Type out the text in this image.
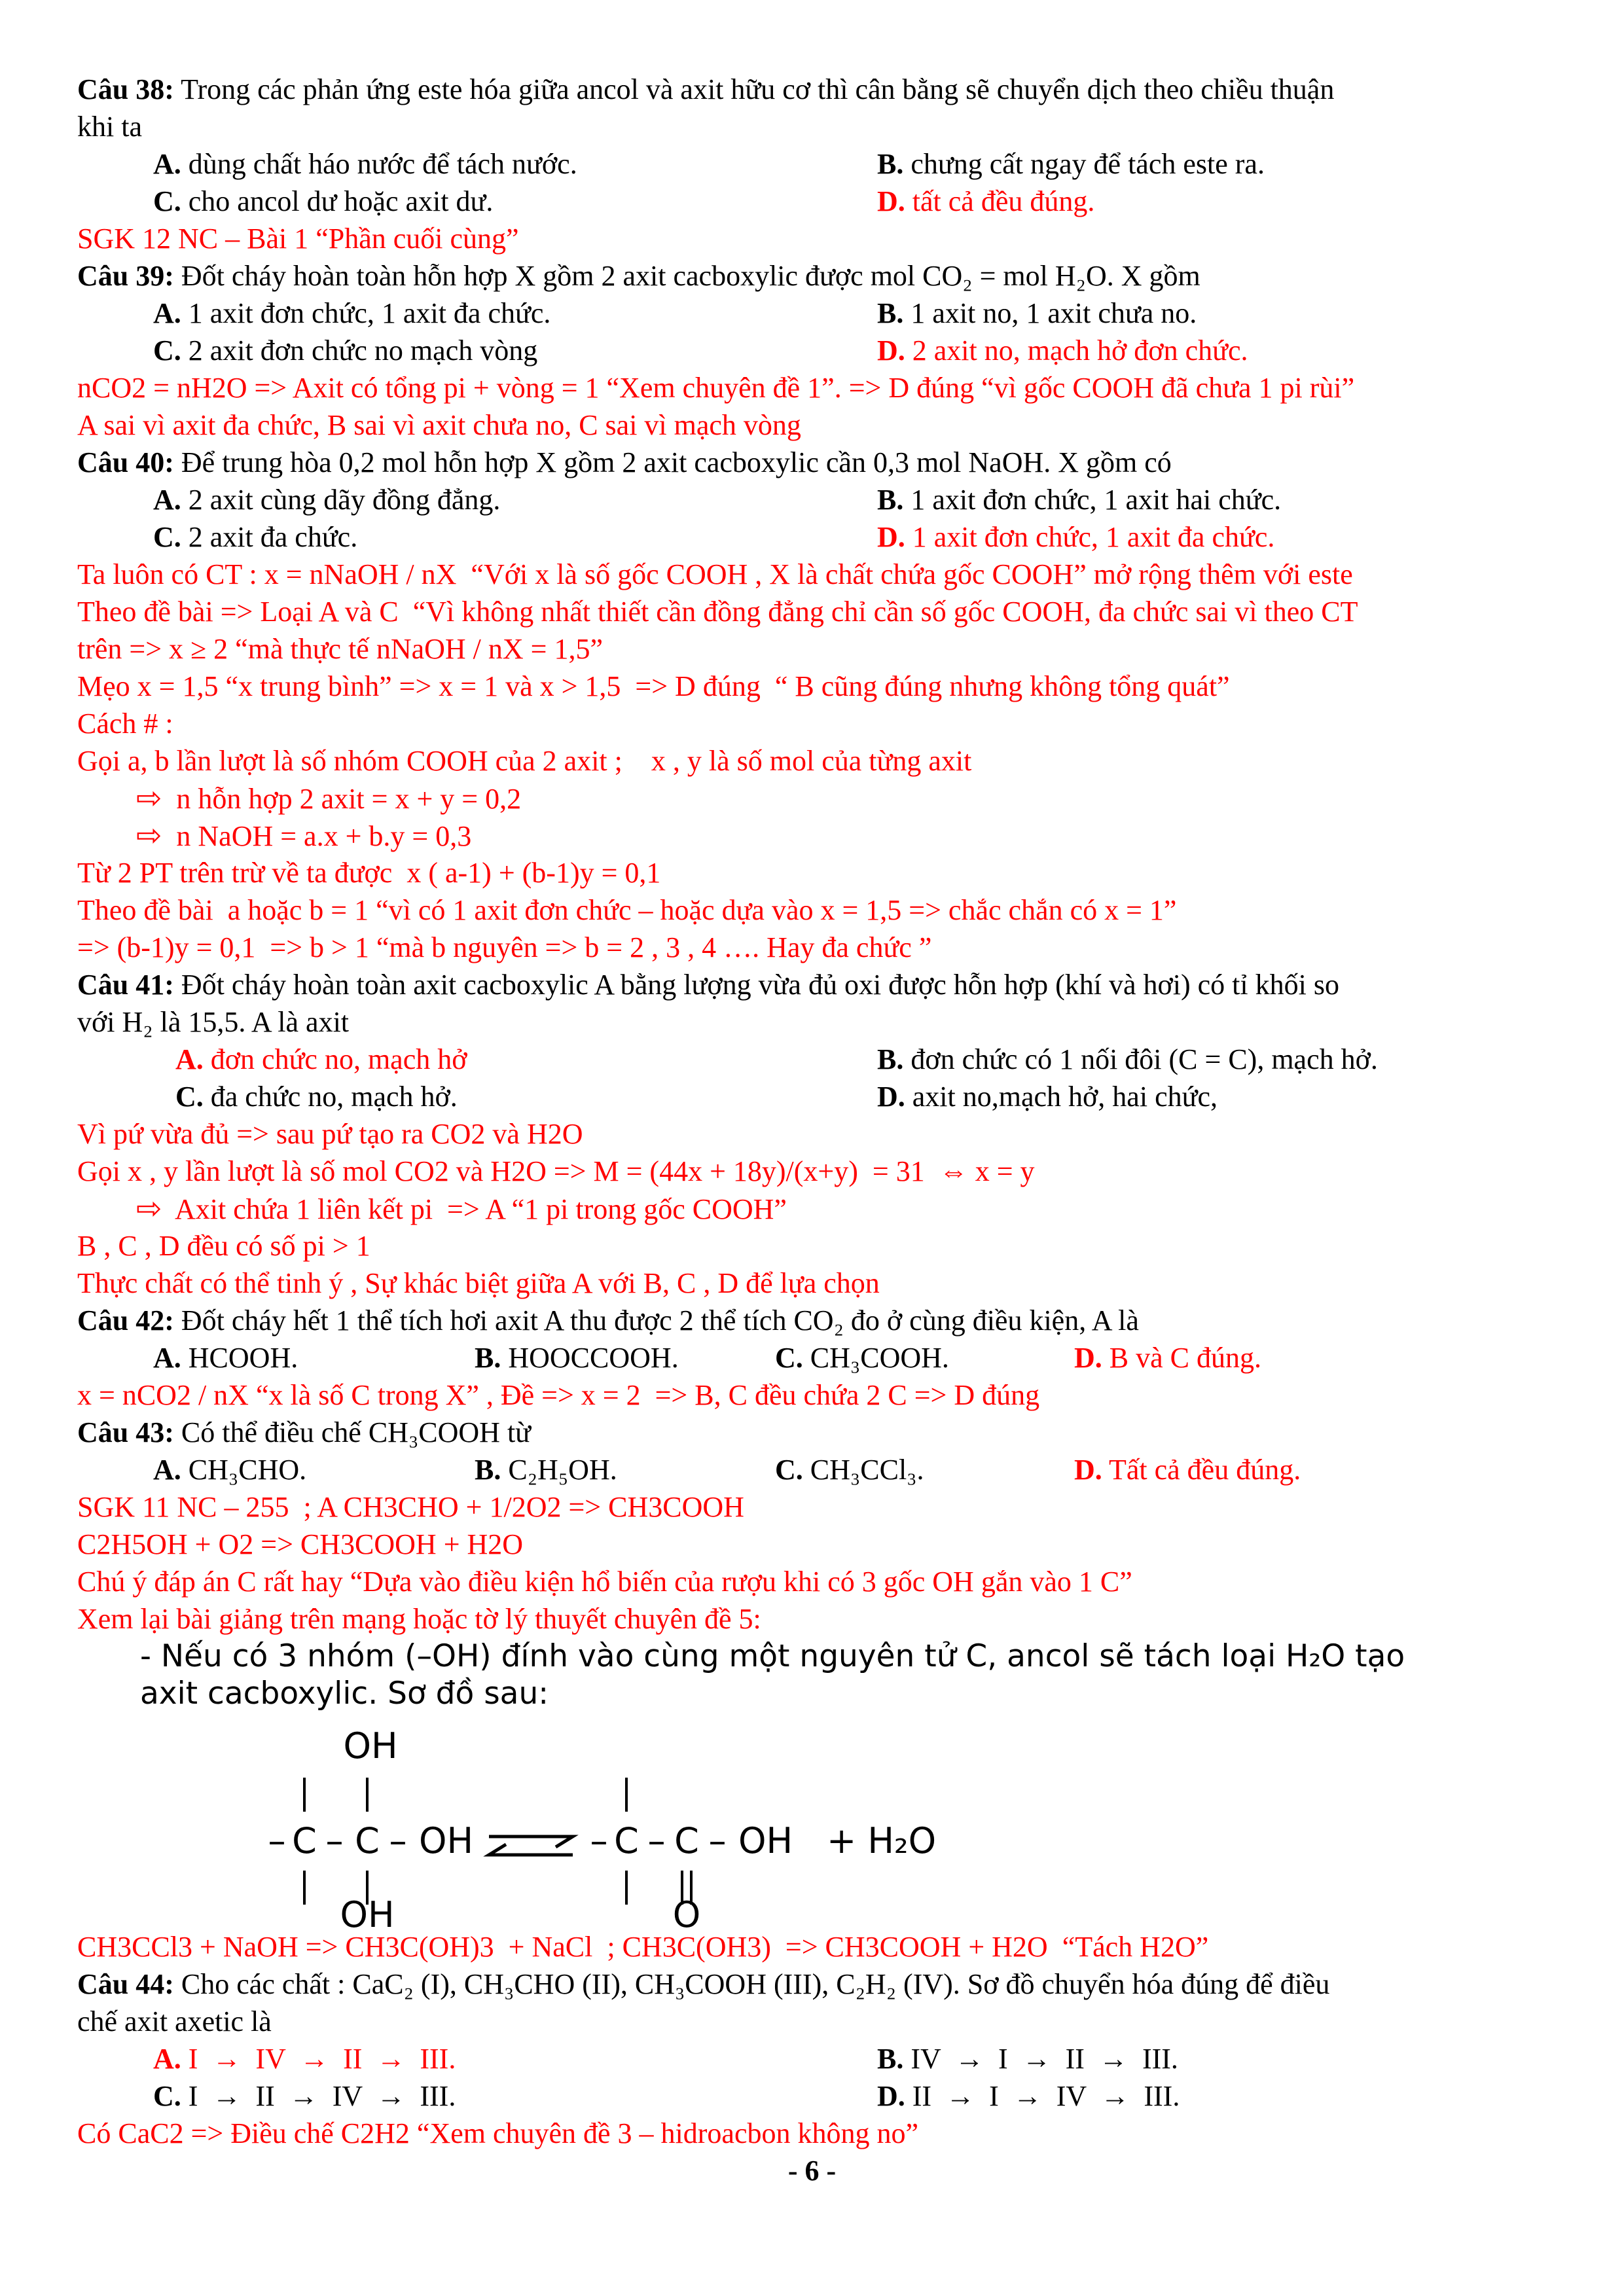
Câu 38: Trong các phản ứng este hóa giữa ancol và axit hữu cơ thì cân bằng sẽ chuyển dịch theo chiều thuận
khi ta
A. dùng chất háo nước để tách nước.	B. chưng cất ngay để tách este ra.
C. cho ancol dư hoặc axit dư.	D. tất cả đều đúng.
SGK 12 NC – Bài 1 “Phần cuối cùng”
Câu 39: Đốt cháy hoàn toàn hỗn hợp X gồm 2 axit cacboxylic được mol CO₂ = mol H₂O. X gồm
A. 1 axit đơn chức, 1 axit đa chức.	B. 1 axit no, 1 axit chưa no.
C. 2 axit đơn chức no mạch vòng	D. 2 axit no, mạch hở đơn chức.
nCO2 = nH2O => Axit có tổng pi + vòng = 1 “Xem chuyên đề 1”. => D đúng “vì gốc COOH đã chưa 1 pi rùi”
A sai vì axit đa chức, B sai vì axit chưa no, C sai vì mạch vòng
Câu 40: Để trung hòa 0,2 mol hỗn hợp X gồm 2 axit cacboxylic cần 0,3 mol NaOH. X gồm có
A. 2 axit cùng dãy đồng đẳng.	B. 1 axit đơn chức, 1 axit hai chức.
C. 2 axit đa chức.	D. 1 axit đơn chức, 1 axit đa chức.
Ta luôn có CT : x = nNaOH / nX  “Với x là số gốc COOH , X là chất chứa gốc COOH” mở rộng thêm với este
Theo đề bài => Loại A và C  “Vì không nhất thiết cần đồng đẳng chỉ cần số gốc COOH, đa chức sai vì theo CT
trên => x ≥ 2 “mà thực tế nNaOH / nX = 1,5”
Mẹo x = 1,5 “x trung bình” => x = 1 và x > 1,5  => D đúng  “ B cũng đúng nhưng không tổng quát”
Cách # :
Gọi a, b lần lượt là số nhóm COOH của 2 axit ;    x , y là số mol của từng axit
⇨  n hỗn hợp 2 axit = x + y = 0,2
⇨  n NaOH = a.x + b.y = 0,3
Từ 2 PT trên trừ về ta được  x ( a-1) + (b-1)y = 0,1
Theo đề bài  a hoặc b = 1 “vì có 1 axit đơn chức – hoặc dựa vào x = 1,5 => chắc chắn có x = 1”
=> (b-1)y = 0,1  => b > 1 “mà b nguyên => b = 2 , 3 , 4 …. Hay đa chức ”
Câu 41: Đốt cháy hoàn toàn axit cacboxylic A bằng lượng vừa đủ oxi được hỗn hợp (khí và hơi) có tỉ khối so
với H₂ là 15,5. A là axit
A. đơn chức no, mạch hở	B. đơn chức có 1 nối đôi (C = C), mạch hở.
C. đa chức no, mạch hở.	D. axit no,mạch hở, hai chức,
Vì pứ vừa đủ => sau pứ tạo ra CO2 và H2O
Gọi x , y lần lượt là số mol CO2 và H2O => M = (44x + 18y)/(x+y)  = 31  ⇔ x = y
⇨  Axit chứa 1 liên kết pi  => A “1 pi trong gốc COOH”
B , C , D đều có số pi > 1
Thực chất có thể tinh ý , Sự khác biệt giữa A với B, C , D để lựa chọn
Câu 42: Đốt cháy hết 1 thể tích hơi axit A thu được 2 thể tích CO₂ đo ở cùng điều kiện, A là
A. HCOOH.	B. HOOCCOOH.	C. CH₃COOH.	D. B và C đúng.
x = nCO2 / nX “x là số C trong X” , Đề => x = 2  => B, C đều chứa 2 C => D đúng
Câu 43: Có thể điều chế CH₃COOH từ
A. CH₃CHO.	B. C₂H₅OH.	C. CH₃CCl₃.	D. Tất cả đều đúng.
SGK 11 NC – 255  ; A CH3CHO + 1/2O2 => CH3COOH
C2H5OH + O2 => CH3COOH + H2O
Chú ý đáp án C rất hay “Dựa vào điều kiện hổ biến của rượu khi có 3 gốc OH gắn vào 1 C”
Xem lại bài giảng trên mạng hoặc tờ lý thuyết chuyên đề 5:
- Nếu có 3 nhóm (–OH) đính vào cùng một nguyên tử C, ancol sẽ tách loại H₂O tạo
axit cacboxylic. Sơ đồ sau:
OH
– C – C – OH
OH
– C – C – OH
O
+ H₂O
CH3CCl3 + NaOH => CH3C(OH)3  + NaCl  ; CH3C(OH3)  => CH3COOH + H2O  “Tách H2O”
Câu 44: Cho các chất : CaC₂ (I), CH₃CHO (II), CH₃COOH (III), C₂H₂ (IV). Sơ đồ chuyển hóa đúng để điều
chế axit axetic là
A. I  →  IV  →  II  →  III.	B. IV  →  I  →  II  →  III.
C. I  →  II  →  IV  →  III.	D. II  →  I  →  IV  →  III.
Có CaC2 => Điều chế C2H2 “Xem chuyên đề 3 – hidroacbon không no”
- 6 -
